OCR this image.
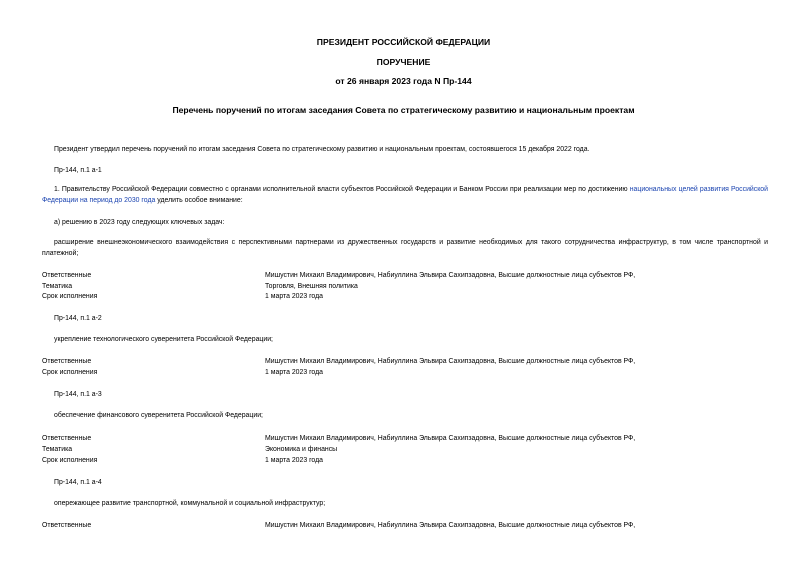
ПРЕЗИДЕНТ РОССИЙСКОЙ ФЕДЕРАЦИИ
ПОРУЧЕНИЕ
от 26 января 2023 года N Пр-144
Перечень поручений по итогам заседания Совета по стратегическому развитию и национальным проектам
Президент утвердил перечень поручений по итогам заседания Совета по стратегическому развитию и национальным проектам, состоявшегося 15 декабря 2022 года.
Пр-144, п.1 а-1
1. Правительству Российской Федерации совместно с органами исполнительной власти субъектов Российской Федерации и Банком России при реализации мер по достижению национальных целей развития Российской Федерации на период до 2030 года уделить особое внимание:
а) решению в 2023 году следующих ключевых задач:
расширение внешнеэкономического взаимодействия с перспективными партнерами из дружественных государств и развитие необходимых для такого сотрудничества инфраструктур, в том числе транспортной и платежной;
Ответственные	Мишустин Михаил Владимирович, Набиуллина Эльвира Сахипзадовна, Высшие должностные лица субъектов РФ,
Тематика	Торговля, Внешняя политика
Срок исполнения	1 марта 2023 года
Пр-144, п.1 а-2
укрепление технологического суверенитета Российской Федерации;
Ответственные	Мишустин Михаил Владимирович, Набиуллина Эльвира Сахипзадовна, Высшие должностные лица субъектов РФ,
Срок исполнения	1 марта 2023 года
Пр-144, п.1 а-3
обеспечение финансового суверенитета Российской Федерации;
Ответственные	Мишустин Михаил Владимирович, Набиуллина Эльвира Сахипзадовна, Высшие должностные лица субъектов РФ,
Тематика	Экономика и финансы
Срок исполнения	1 марта 2023 года
Пр-144, п.1 а-4
опережающее развитие транспортной, коммунальной и социальной инфраструктур;
Ответственные	Мишустин Михаил Владимирович, Набиуллина Эльвира Сахипзадовна, Высшие должностные лица субъектов РФ,
